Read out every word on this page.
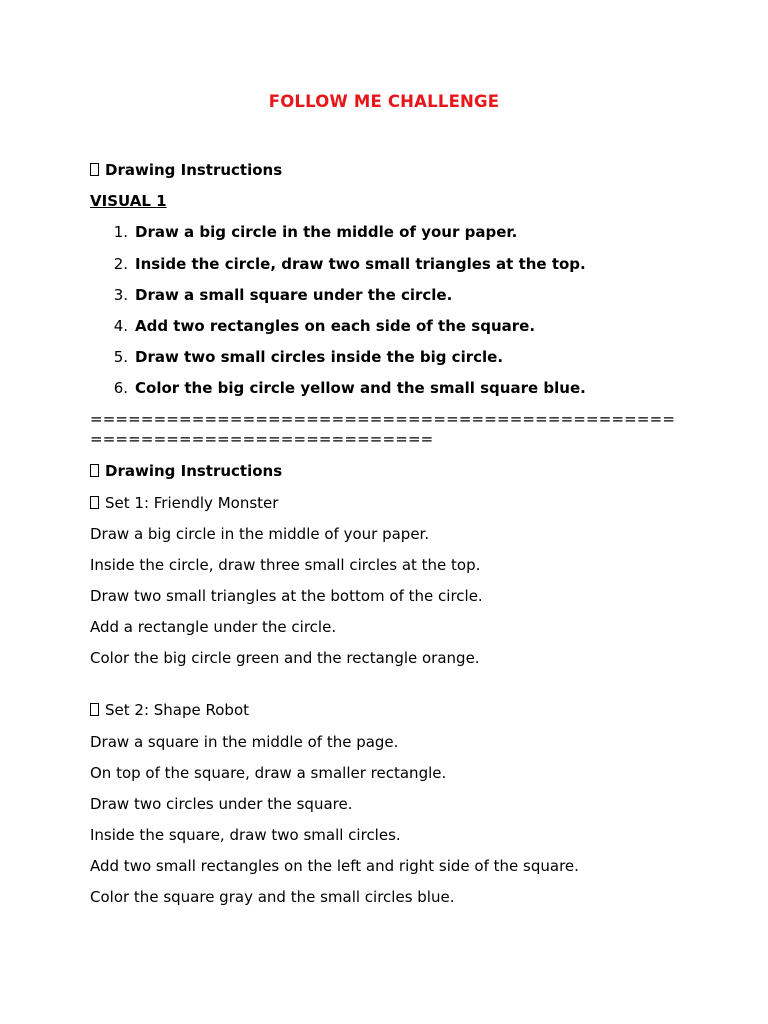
FOLLOW ME CHALLENGE
Drawing Instructions
VISUAL 1
1. Draw a big circle in the middle of your paper.
2. Inside the circle, draw two small triangles at the top.
3. Draw a small square under the circle.
4. Add two rectangles on each side of the square.
5. Draw two small circles inside the big circle.
6. Color the big circle yellow and the small square blue.
=========================================================================
Drawing Instructions
Set 1: Friendly Monster
Draw a big circle in the middle of your paper.
Inside the circle, draw three small circles at the top.
Draw two small triangles at the bottom of the circle.
Add a rectangle under the circle.
Color the big circle green and the rectangle orange.
Set 2: Shape Robot
Draw a square in the middle of the page.
On top of the square, draw a smaller rectangle.
Draw two circles under the square.
Inside the square, draw two small circles.
Add two small rectangles on the left and right side of the square.
Color the square gray and the small circles blue.
